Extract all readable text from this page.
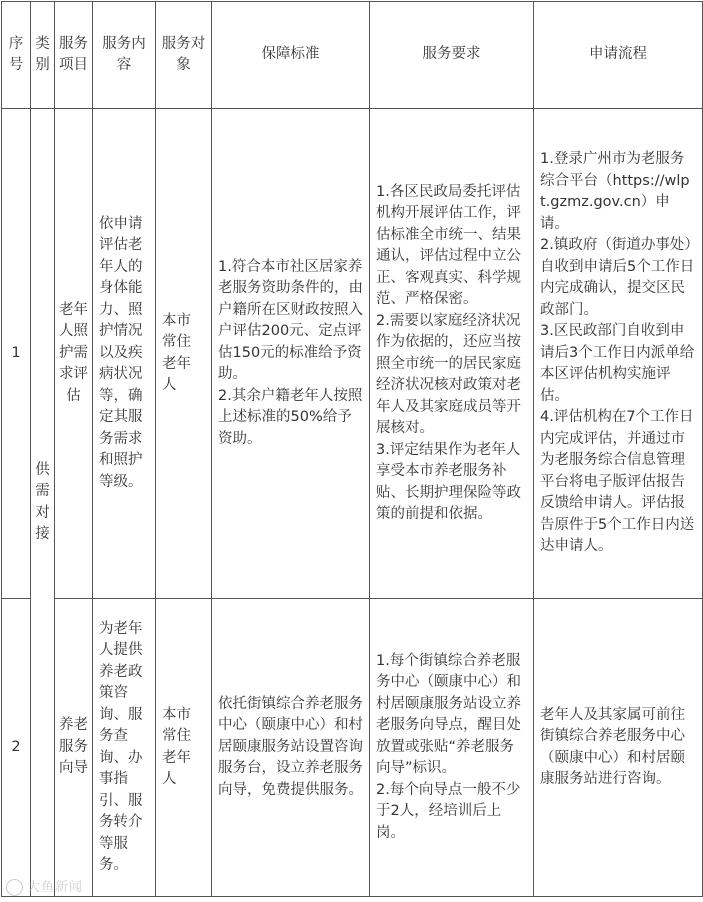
序号	类别	服务项目	服务内容	服务对象	保障标准	服务要求	申请流程
1	供需对接	老年人照护需求评估	依申请评估老年人的身体能力、照护情况以及疾病状况等，确定其服务需求和照护等级。	本市常住老年人	1.符合本市社区居家养老服务资助条件的，由户籍所在区财政按照入户评估200元、定点评估150元的标准给予资助。
2.其余户籍老年人按照上述标准的50%给予资助。	1.各区民政局委托评估机构开展评估工作，评估标准全市统一、结果通认，评估过程中立公正、客观真实、科学规范、严格保密。
2.需要以家庭经济状况作为依据的，还应当按照全市统一的居民家庭经济状况核对政策对老年人及其家庭成员等开展核对。
3.评定结果作为老年人享受本市养老服务补贴、长期护理保险等政策的前提和依据。	1.登录广州市为老服务综合平台（https://wlpt.gzmz.gov.cn）申请。
2.镇政府（街道办事处）自收到申请后5个工作日内完成确认，提交区民政部门。
3.区民政部门自收到申请后3个工作日内派单给本区评估机构实施评估。
4.评估机构在7个工作日内完成评估，并通过市为老服务综合信息管理平台将电子版评估报告反馈给申请人。评估报告原件于5个工作日内送达申请人。
2		养老服务向导	为老年人提供养老政策咨询、服务查询、办事指引、服务转介等服务。	本市常住老年人	依托街镇综合养老服务中心（颐康中心）和村居颐康服务站设置咨询服务台，设立养老服务向导，免费提供服务。	1.每个街镇综合养老服务中心（颐康中心）和村居颐康服务站设立养老服务向导点，醒目处放置或张贴“养老服务向导”标识。
2.每个向导点一般不少于2人，经培训后上岗。	老年人及其家属可前往街镇综合养老服务中心（颐康中心）和村居颐康服务站进行咨询。
大鱼新闻
